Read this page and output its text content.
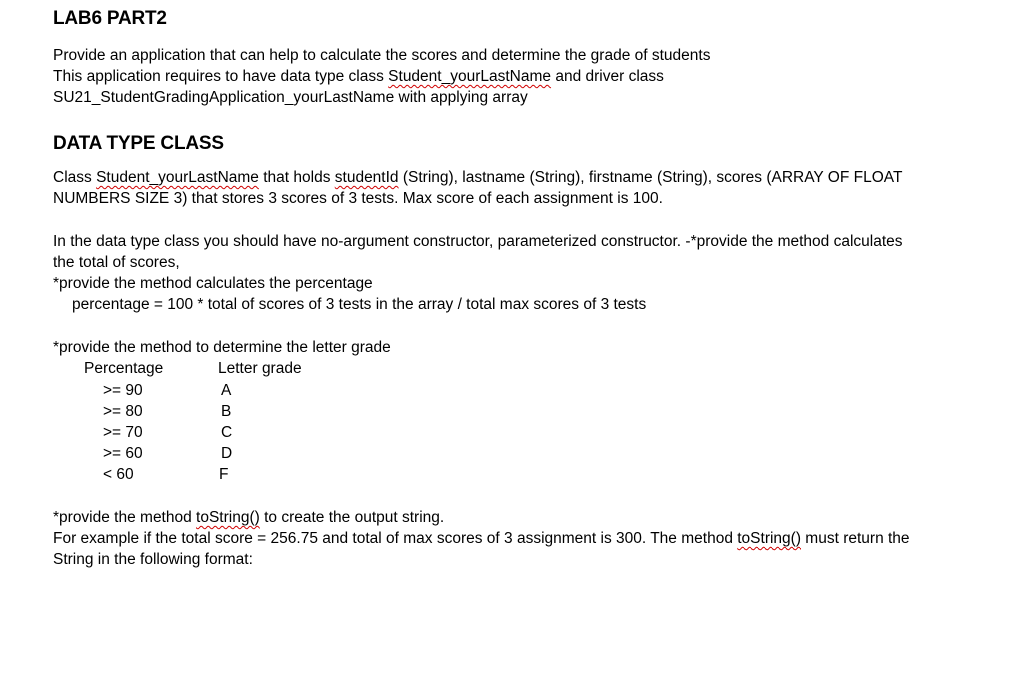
LAB6 PART2
Provide an application that can help to calculate the scores and determine the grade of students
This application requires to have data type class Student_yourLastName and driver class
SU21_StudentGradingApplication_yourLastName with applying array
DATA TYPE CLASS
Class Student_yourLastName that holds studentId (String), lastname (String), firstname (String), scores (ARRAY OF FLOAT
NUMBERS SIZE 3) that stores 3 scores of 3 tests. Max score of each assignment is 100.
In the data type class you should have no-argument constructor, parameterized constructor. -*provide the method calculates
the total of scores,
*provide the method calculates the percentage
percentage = 100 * total of scores of 3 tests in the array / total max scores of 3 tests
*provide the method to determine the letter grade
Percentage	Letter grade
>= 90	A
>= 80	B
>= 70	C
>= 60	D
< 60	F
*provide the method toString() to create the output string.
For example if the total score = 256.75 and total of max scores of 3 assignment is 300. The method toString() must return the
String in the following format:
